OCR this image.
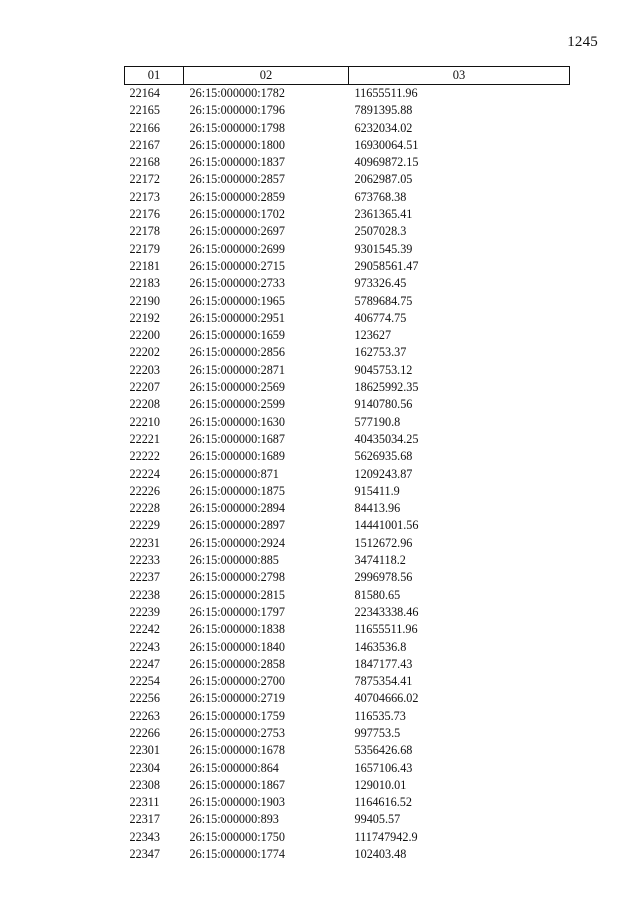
1245
01	02	03
22164	26:15:000000:1782	11655511.96
22165	26:15:000000:1796	7891395.88
22166	26:15:000000:1798	6232034.02
22167	26:15:000000:1800	16930064.51
22168	26:15:000000:1837	40969872.15
22172	26:15:000000:2857	2062987.05
22173	26:15:000000:2859	673768.38
22176	26:15:000000:1702	2361365.41
22178	26:15:000000:2697	2507028.3
22179	26:15:000000:2699	9301545.39
22181	26:15:000000:2715	29058561.47
22183	26:15:000000:2733	973326.45
22190	26:15:000000:1965	5789684.75
22192	26:15:000000:2951	406774.75
22200	26:15:000000:1659	123627
22202	26:15:000000:2856	162753.37
22203	26:15:000000:2871	9045753.12
22207	26:15:000000:2569	18625992.35
22208	26:15:000000:2599	9140780.56
22210	26:15:000000:1630	577190.8
22221	26:15:000000:1687	40435034.25
22222	26:15:000000:1689	5626935.68
22224	26:15:000000:871	1209243.87
22226	26:15:000000:1875	915411.9
22228	26:15:000000:2894	84413.96
22229	26:15:000000:2897	14441001.56
22231	26:15:000000:2924	1512672.96
22233	26:15:000000:885	3474118.2
22237	26:15:000000:2798	2996978.56
22238	26:15:000000:2815	81580.65
22239	26:15:000000:1797	22343338.46
22242	26:15:000000:1838	11655511.96
22243	26:15:000000:1840	1463536.8
22247	26:15:000000:2858	1847177.43
22254	26:15:000000:2700	7875354.41
22256	26:15:000000:2719	40704666.02
22263	26:15:000000:1759	116535.73
22266	26:15:000000:2753	997753.5
22301	26:15:000000:1678	5356426.68
22304	26:15:000000:864	1657106.43
22308	26:15:000000:1867	129010.01
22311	26:15:000000:1903	1164616.52
22317	26:15:000000:893	99405.57
22343	26:15:000000:1750	111747942.9
22347	26:15:000000:1774	102403.48
